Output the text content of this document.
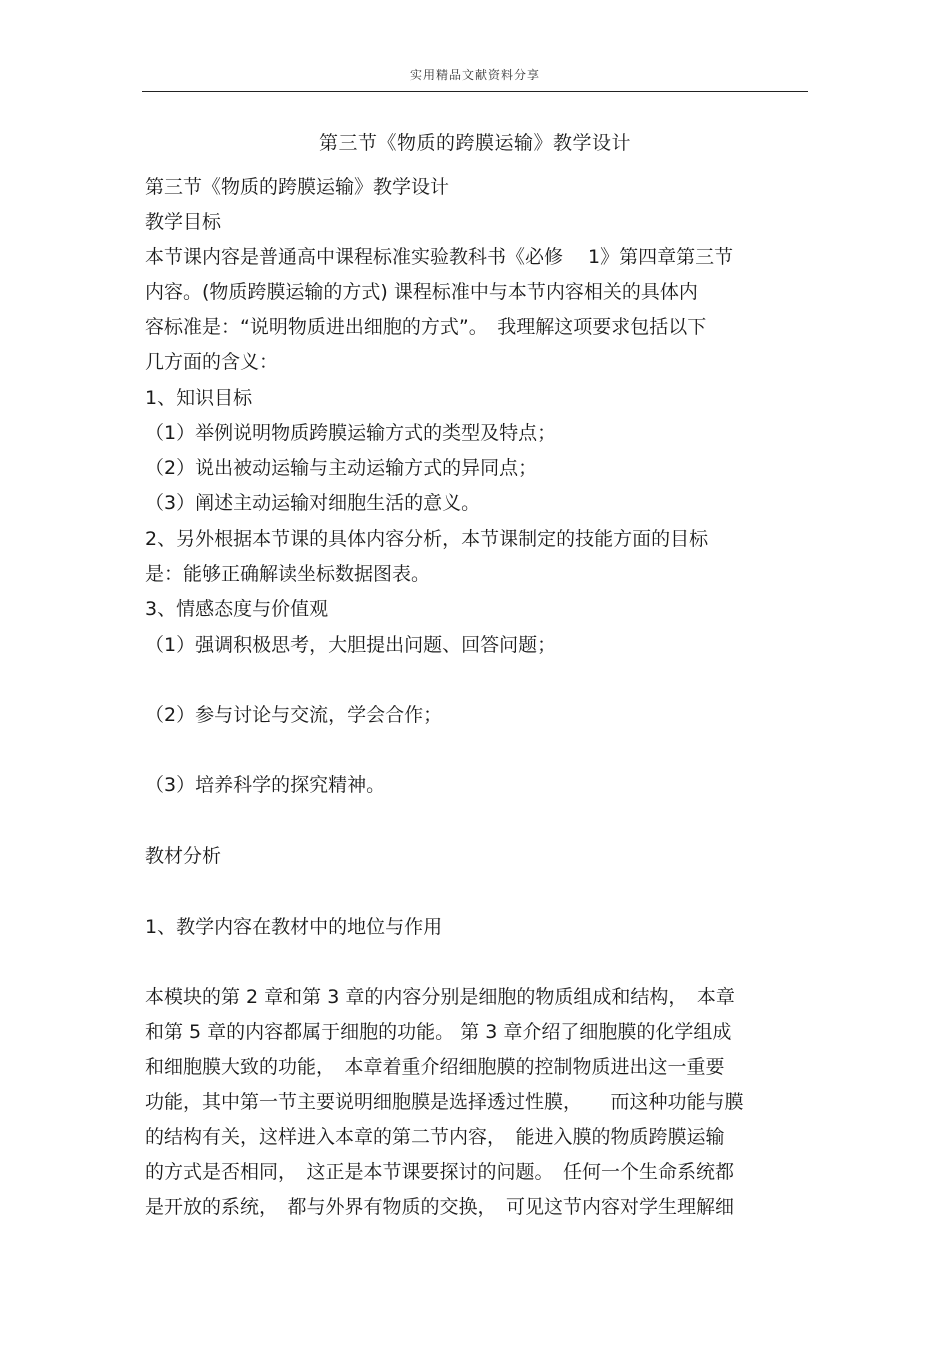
实用精品文献资料分享
第三节《物质的跨膜运输》教学设计
第三节《物质的跨膜运输》教学设计
教学目标
本节课内容是普通高中课程标准实验教科书《必修　 1》第四章第三节
内容。(物质跨膜运输的方式) 课程标准中与本节内容相关的具体内
容标准是：“说明物质进出细胞的方式”。　我理解这项要求包括以下
几方面的含义：
1、知识目标
（1）举例说明物质跨膜运输方式的类型及特点；
（2）说出被动运输与主动运输方式的异同点；
（3）阐述主动运输对细胞生活的意义。
2、另外根据本节课的具体内容分析，本节课制定的技能方面的目标
是：能够正确解读坐标数据图表。
3、情感态度与价值观
（1）强调积极思考，大胆提出问题、回答问题；
（2）参与讨论与交流，学会合作；
（3）培养科学的探究精神。
教材分析
1、教学内容在教材中的地位与作用
本模块的第 2 章和第 3 章的内容分别是细胞的物质组成和结构，　本章
和第 5 章的内容都属于细胞的功能。 第 3 章介绍了细胞膜的化学组成
和细胞膜大致的功能，　本章着重介绍细胞膜的控制物质进出这一重要
功能，其中第一节主要说明细胞膜是选择透过性膜，　　而这种功能与膜
的结构有关，这样进入本章的第二节内容，　能进入膜的物质跨膜运输
的方式是否相同，　这正是本节课要探讨的问题。　任何一个生命系统都
是开放的系统，　都与外界有物质的交换，　可见这节内容对学生理解细
